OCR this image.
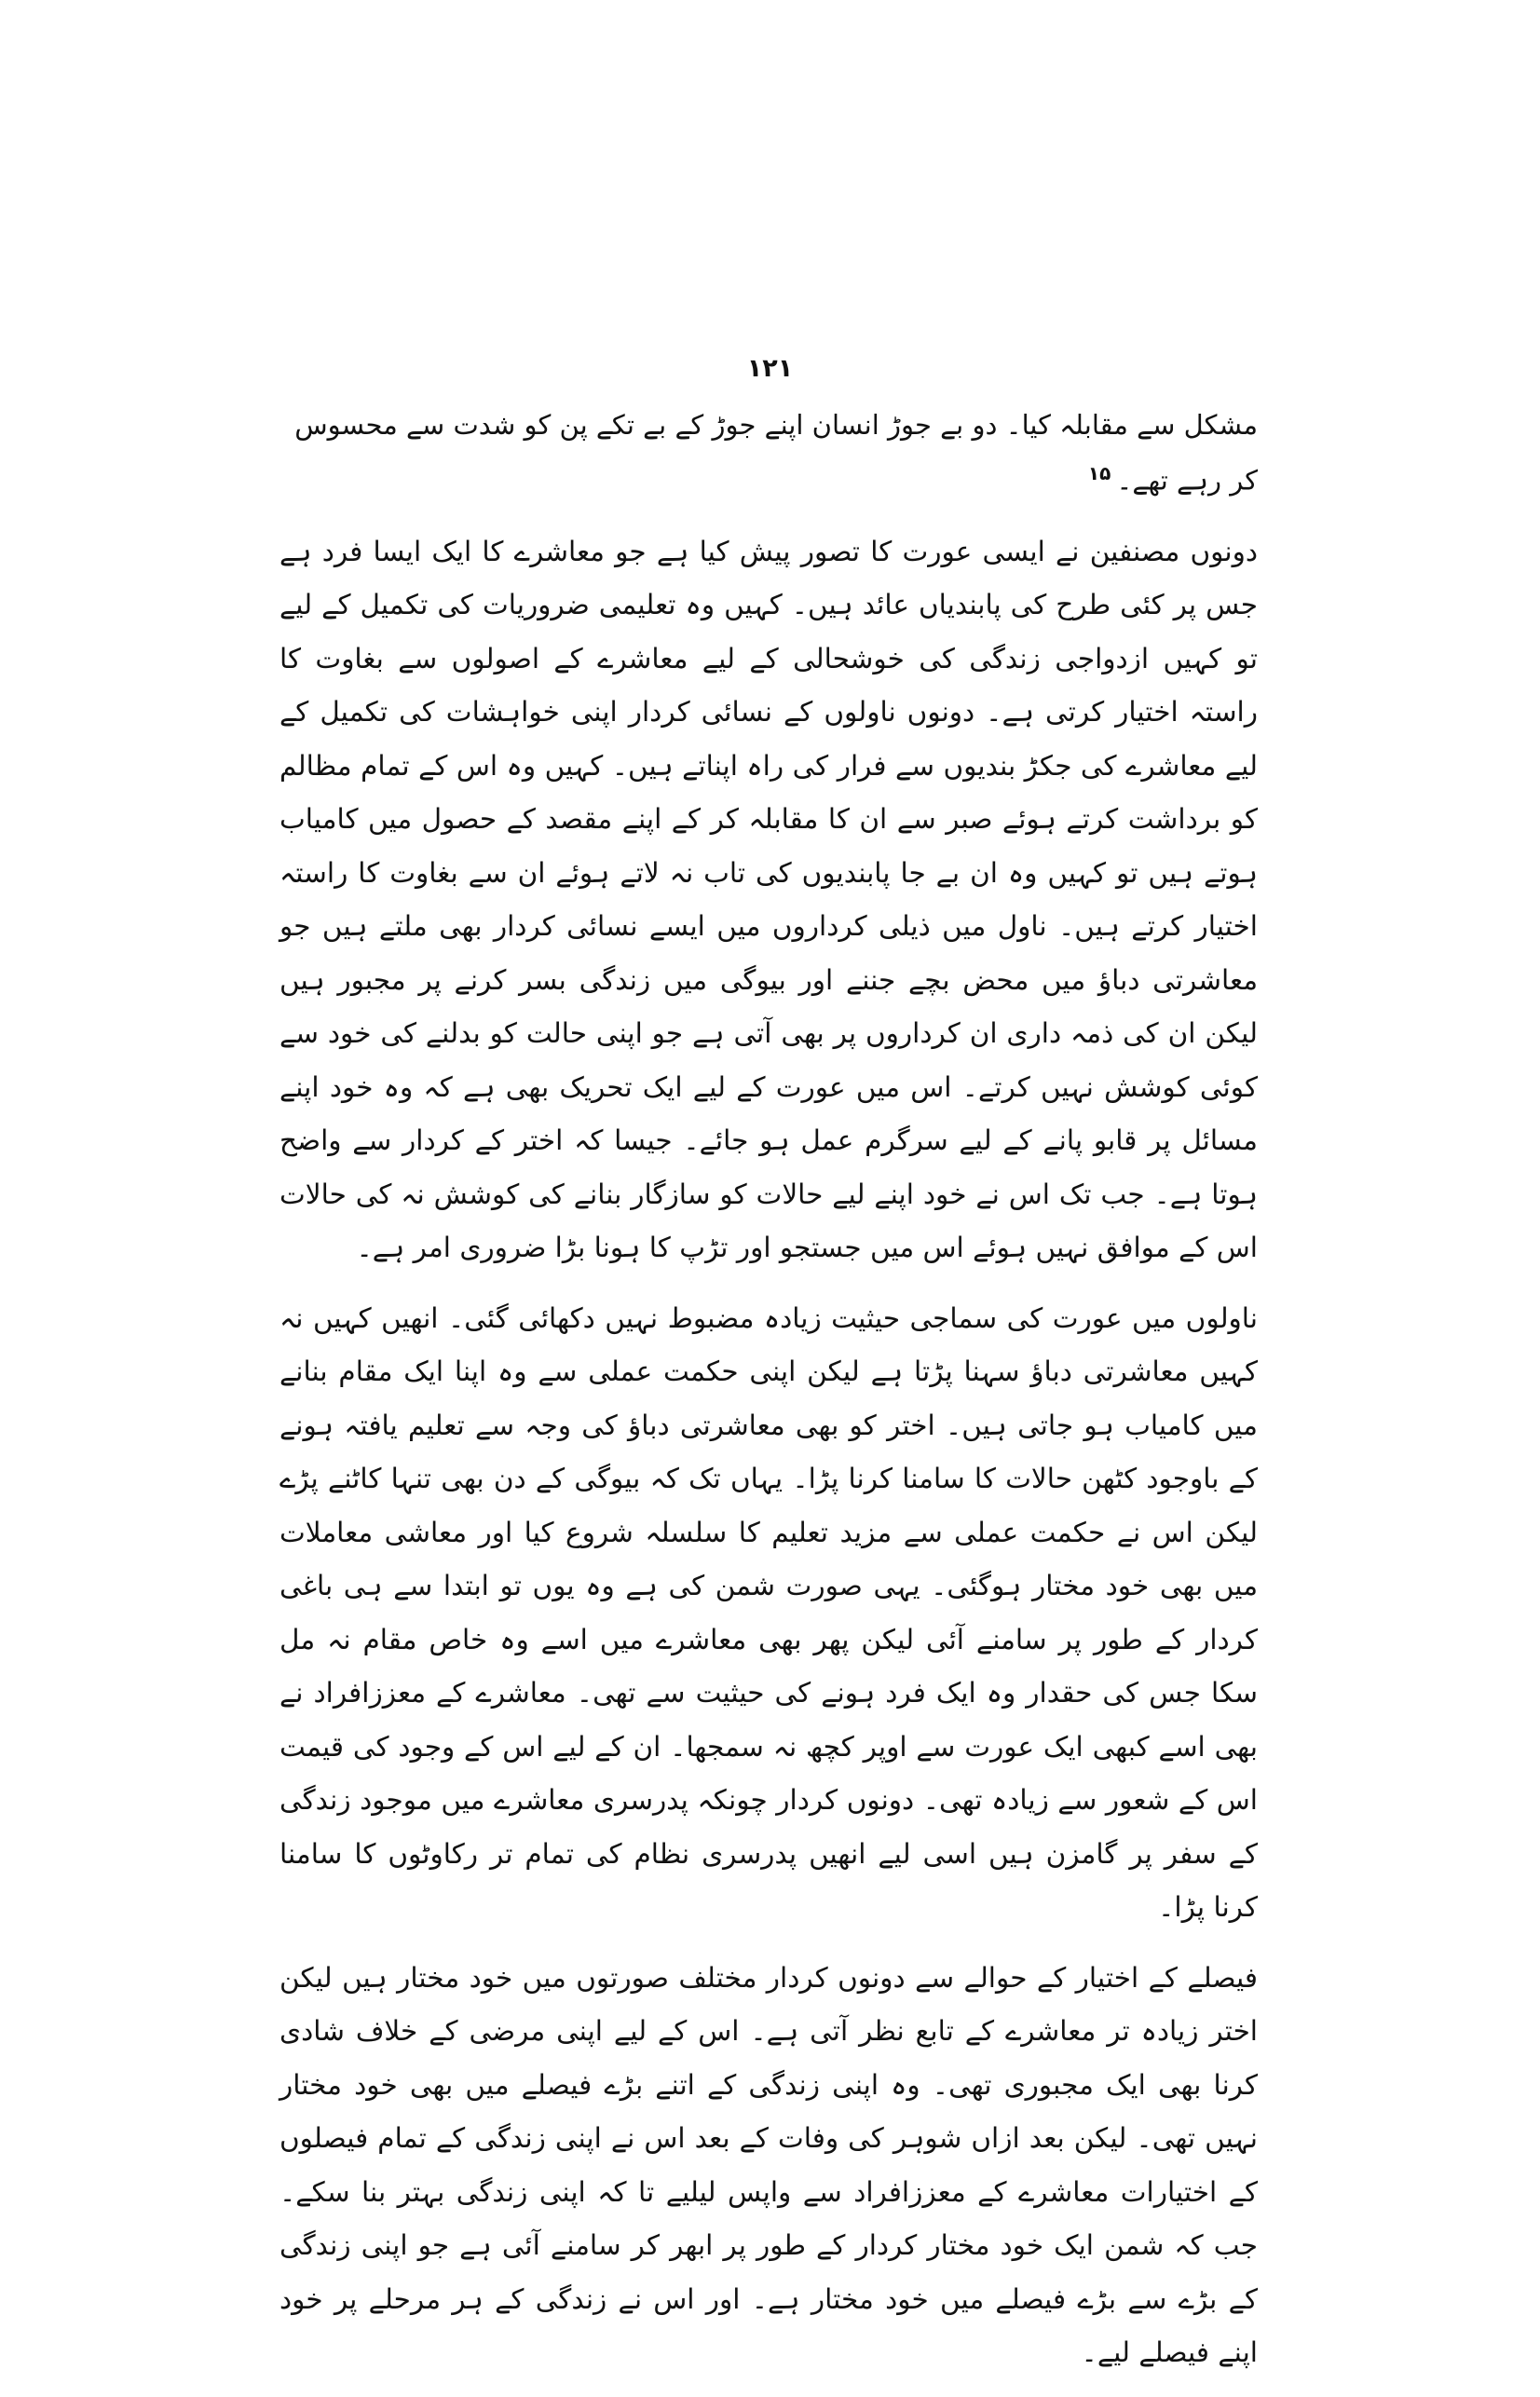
۱۲۱

مشکل سے مقابلہ کیا۔ دو بے جوڑ انسان اپنے جوڑ کے بے تکے پن کو شدت سے محسوس کر رہے تھے۔$^{۱۵}$

دونوں مصنفین نے ایسی عورت کا تصور پیش کیا ہے جو معاشرے کا ایک ایسا فرد ہے جس پر کئی طرح کی پابندیاں عائد ہیں۔ کہیں وہ تعلیمی ضروریات کی تکمیل کے لیے تو کہیں ازدواجی زندگی کی خوشحالی کے لیے معاشرے کے اصولوں سے بغاوت کا راستہ اختیار کرتی ہے۔ دونوں ناولوں کے نسائی کردار اپنی خواہشات کی تکمیل کے لیے معاشرے کی جکڑ بندیوں سے فرار کی راہ اپناتے ہیں۔ کہیں وہ اس کے تمام مظالم کو برداشت کرتے ہوئے صبر سے ان کا مقابلہ کر کے اپنے مقصد کے حصول میں کامیاب ہوتے ہیں تو کہیں وہ ان بے جا پابندیوں کی تاب نہ لاتے ہوئے ان سے بغاوت کا راستہ اختیار کرتے ہیں۔ ناول میں ذیلی کرداروں میں ایسے نسائی کردار بھی ملتے ہیں جو معاشرتی دباؤ میں محض بچے جننے اور بیوگی میں زندگی بسر کرنے پر مجبور ہیں لیکن ان کی ذمہ داری ان کرداروں پر بھی آتی ہے جو اپنی حالت کو بدلنے کی خود سے کوئی کوشش نہیں کرتے۔ اس میں عورت کے لیے ایک تحریک بھی ہے کہ وہ خود اپنے مسائل پر قابو پانے کے لیے سرگرم عمل ہو جائے۔ جیسا کہ اختر کے کردار سے واضح ہوتا ہے۔ جب تک اس نے خود اپنے لیے حالات کو سازگار بنانے کی کوشش نہ کی حالات اس کے موافق نہیں ہوئے اس میں جستجو اور تڑپ کا ہونا بڑا ضروری امر ہے۔

ناولوں میں عورت کی سماجی حیثیت زیادہ مضبوط نہیں دکھائی گئی۔ انھیں کہیں نہ کہیں معاشرتی دباؤ سہنا پڑتا ہے لیکن اپنی حکمت عملی سے وہ اپنا ایک مقام بنانے میں کامیاب ہو جاتی ہیں۔ اختر کو بھی معاشرتی دباؤ کی وجہ سے تعلیم یافتہ ہونے کے باوجود کٹھن حالات کا سامنا کرنا پڑا۔ یہاں تک کہ بیوگی کے دن بھی تنہا کاٹنے پڑے لیکن اس نے حکمت عملی سے مزید تعلیم کا سلسلہ شروع کیا اور معاشی معاملات میں بھی خود مختار ہوگئی۔ یہی صورت شمن کی ہے وہ یوں تو ابتدا سے ہی باغی کردار کے طور پر سامنے آئی لیکن پھر بھی معاشرے میں اسے وہ خاص مقام نہ مل سکا جس کی حقدار وہ ایک فرد ہونے کی حیثیت سے تھی۔ معاشرے کے معززافراد نے بھی اسے کبھی ایک عورت سے اوپر کچھ نہ سمجھا۔ ان کے لیے اس کے وجود کی قیمت اس کے شعور سے زیادہ تھی۔ دونوں کردار چونکہ پدرسری معاشرے میں موجود زندگی کے سفر پر گامزن ہیں اسی لیے انھیں پدرسری نظام کی تمام تر رکاوٹوں کا سامنا کرنا پڑا۔

فیصلے کے اختیار کے حوالے سے دونوں کردار مختلف صورتوں میں خود مختار ہیں لیکن اختر زیادہ تر معاشرے کے تابع نظر آتی ہے۔ اس کے لیے اپنی مرضی کے خلاف شادی کرنا بھی ایک مجبوری تھی۔ وہ اپنی زندگی کے اتنے بڑے فیصلے میں بھی خود مختار نہیں تھی۔ لیکن بعد ازاں شوہر کی وفات کے بعد اس نے اپنی زندگی کے تمام فیصلوں کے اختیارات معاشرے کے معززافراد سے واپس لیلیے تا کہ اپنی زندگی بہتر بنا سکے۔ جب کہ شمن ایک خود مختار کردار کے طور پر ابھر کر سامنے آئی ہے جو اپنی زندگی کے بڑے سے بڑے فیصلے میں خود مختار ہے۔ اور اس نے زندگی کے ہر مرحلے پر خود اپنے فیصلے لیے۔
